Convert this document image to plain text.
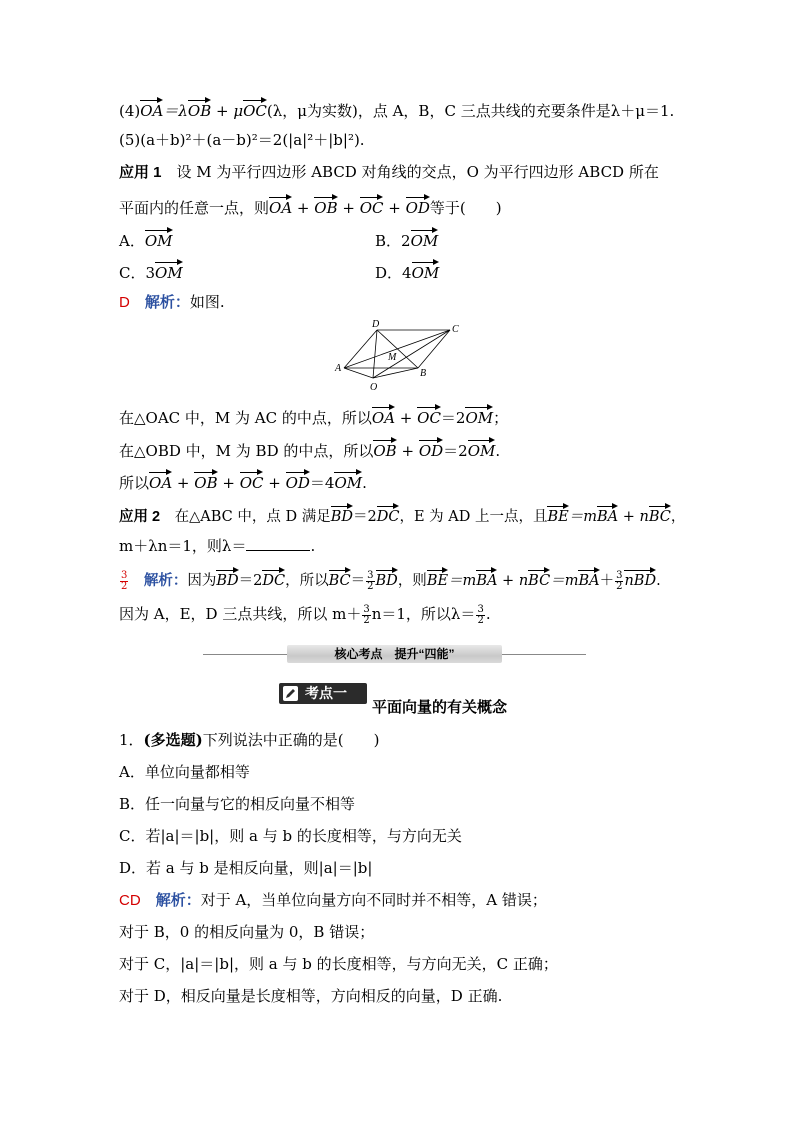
(4)OA＝λOB + μOC(λ，μ为实数)，点 A，B，C 三点共线的充要条件是λ＋μ＝1.
(5)(a＋b)²＋(a－b)²＝2(|a|²＋|b|²).
应用 1　 设 M 为平行四边形 ABCD 对角线的交点，O 为平行四边形 ABCD 所在
平面内的任意一点，则OA + OB + OC + OD等于(　　)
A．OM	B．2OM
C．3OM	D．4OM
D　 解析：如图.
D	C
M
A
O
B
在△OAC 中，M 为 AC 的中点，所以OA + OC＝2OM；
在△OBD 中，M 为 BD 的中点，所以OB + OD＝2OM.
所以OA + OB + OC + OD＝4OM.
应用 2　 在△ABC 中，点 D 满足BD＝2DC，E 为 AD 上一点，且BE＝mBA + nBC，
m＋λn＝1，则λ＝	.
$\frac{3}{2}$
　 解析：因为BD＝2DC，所以$BC= \frac{3}{2}$ BD，则$BE=mBA + nBC=mBA+ \frac{3}{2}$ nBD.
因为 A，E，D 三点共线，所以 $m+ \frac{3}{2} n=1$，所以$\lambda= \frac{3}{2}$ .
核心考点　提升“四能”
考点一
平面向量的有关概念
1．(多选题)下列说法中正确的是(　　)
A．单位向量都相等
B．任一向量与它的相反向量不相等
C．若|a|＝|b|，则 a 与 b 的长度相等，与方向无关
D．若 a 与 b 是相反向量，则|a|＝|b|
CD　 解析：对于 A，当单位向量方向不同时并不相等，A 错误；
对于 B，0 的相反向量为 0，B 错误；
对于 C，|a|＝|b|，则 a 与 b 的长度相等，与方向无关，C 正确；
对于 D，相反向量是长度相等，方向相反的向量，D 正确.
